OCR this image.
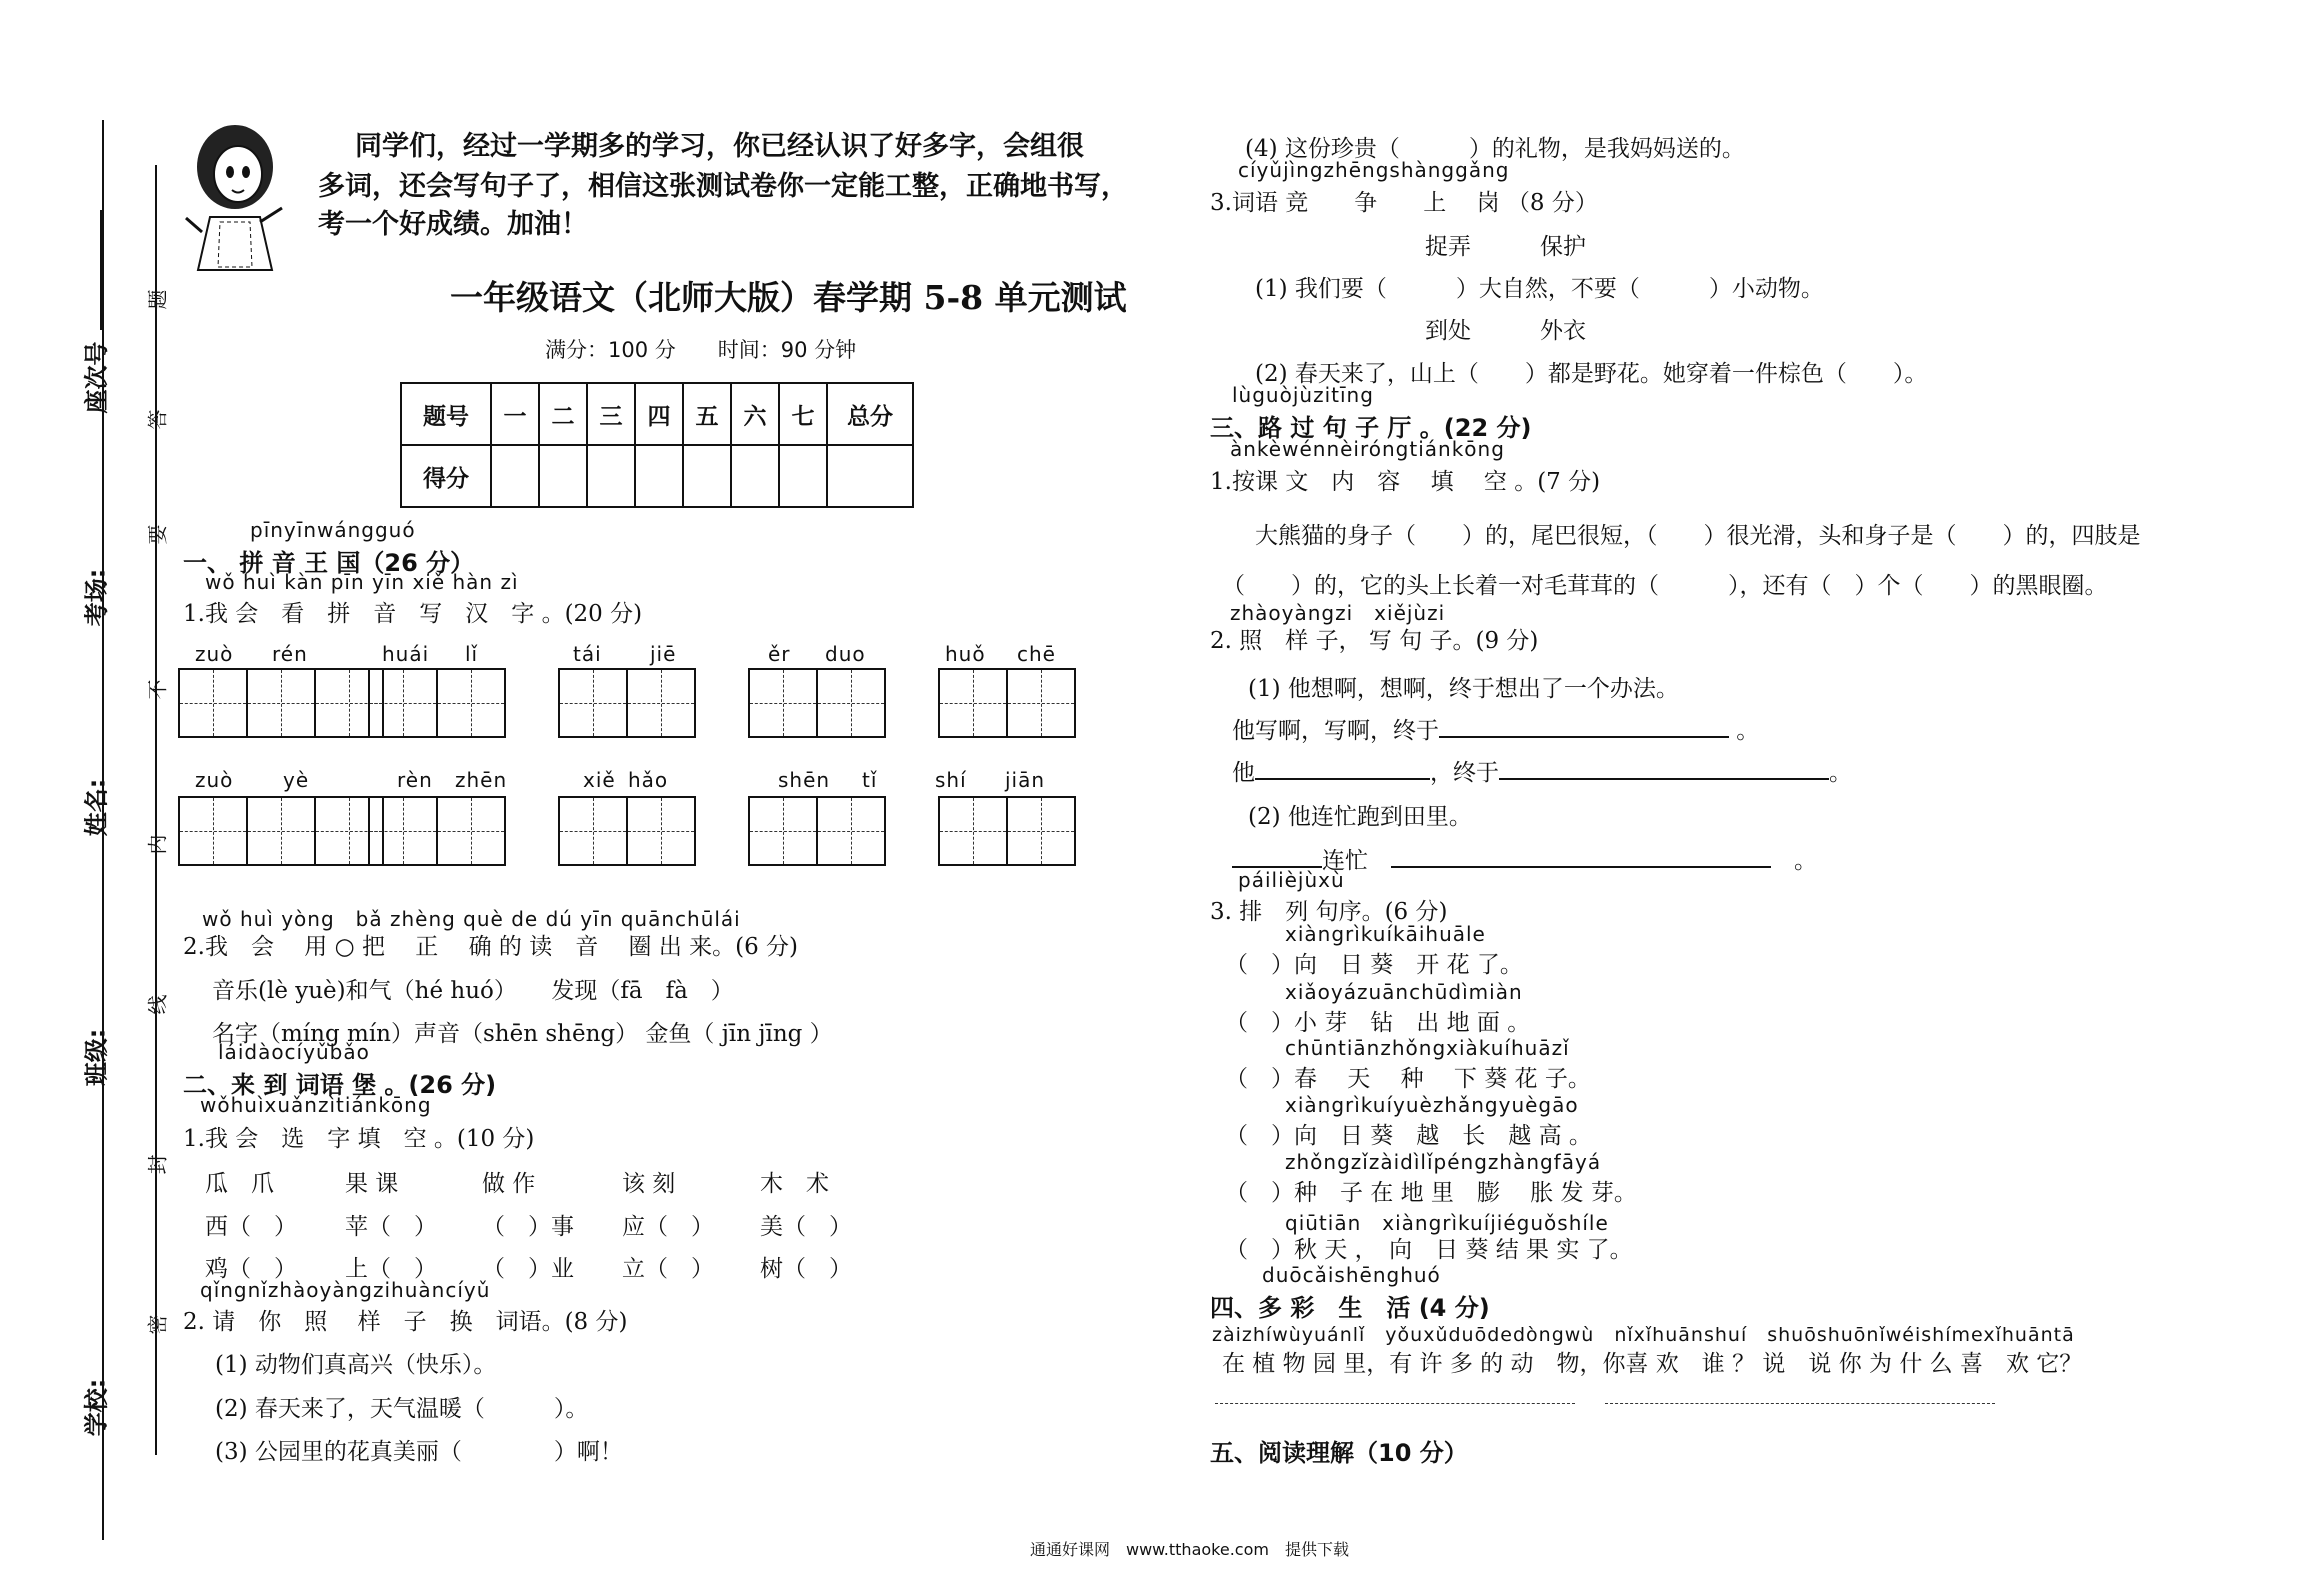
座次号
考场:
姓名:
班级:
学校:
题
答
要
不
内
线
封
密
同学们，经过一学期多的学习，你已经认识了好多字，会组很
多词，还会写句子了，相信这张测试卷你一定能工整，正确地书写，
考一个好成绩。加油！
一年级语文（北师大版）春学期 5-8 单元测试
满分：100 分　　时间：90 分钟
题号	一	二	三	四	五	六	七	总分
得分								
pīnyīnwángguó
一、 拼 音 王 国（26 分）
wǒ huì kàn pīn yīn xiě hàn zì
1.我 会　看　拼　音　写　汉　字 。(20 分)
zuò rén	huái lǐ	tái jiē	ěr duo	huǒ chē
zuò yè	rèn zhēn	xiě hǎo	shēn tǐ	shí jiān
wǒ huì yòng　bǎ zhèng què de dú yīn quānchūlái
2.我　会　 用 ○ 把　 正　 确 的 读　音　 圈 出 来。(6 分)
音乐(lè yuè)和气（hé huó）　　发现（fā　fà　）
名字（míng mín）声音（shēn shēng） 金鱼（ jīn jīng ）
láidàocíyǔbǎo
二、来 到 词语 堡 。(26 分)
wǒhuìxuǎnzìtiánkōng
1.我 会　选　字 填　空 。(10 分)
瓜　爪	果 课	做 作	该 刻	木　术
西（　） 苹（　） （　）事 应（　） 美（　）
鸡（　） 上（　） （　）业 立（　） 树（　）
qǐngnǐzhàoyàngzihuàncíyǔ
2. 请　你　照　 样　子　换　词语。(8 分)
(1) 动物们真高兴（快乐）。
(2) 春天来了，天气温暖（　　　）。
(3) 公园里的花真美丽（　　　　）啊！
(4) 这份珍贵（　　　）的礼物，是我妈妈送的。
cíyǔjìngzhēngshànggǎng
3.词语 竞　　争　　上　 岗 （8 分）
捉弄　　　保护
(1) 我们要（　　　）大自然，不要（　　　）小动物。
到处　　　外衣
(2) 春天来了，山上（　　）都是野花。她穿着一件棕色（　　）。
lùguòjùzitīng
三、路 过 句 子 厅 。(22 分)
ànkèwénnèiróngtiánkōng
1.按课 文　内　容　 填　 空 。(7 分)
大熊猫的身子（　　）的，尾巴很短，（　　）很光滑，头和身子是（　　）的，四肢是
（　　）的，它的头上长着一对毛茸茸的（　　　），还有（　）个（　　）的黑眼圈。
zhàoyàngzi　xiějùzi
2. 照　样 子， 写 句 子。(9 分)
(1) 他想啊，想啊，终于想出了一个办法。
他写啊，写啊，终于	。
他	，终于	。
(2) 他连忙跑到田里。
连忙　	　。
páilièjùxù
3. 排　列 句序。(6 分)
xiàngrìkuíkāihuāle
（　）向　日 葵　开 花 了。
xiǎoyázuānchūdìmiàn
（　）小 芽　钻　出 地 面 。
chūntiānzhǒngxiàkuíhuāzǐ
（　）春　 天 　种　 下 葵 花 子。
xiàngrìkuíyuèzhǎngyuègāo
（　）向　日 葵　越　长　越 高 。
zhǒngzǐzàidìlǐpéngzhàngfāyá
（　）种　子 在 地 里　膨　 胀 发 芽。
qiūtiān　xiàngrìkuíjiéguǒshíle
（　）秋 天 ，　向　日 葵 结 果 实 了。
duōcǎishēnghuó
四、多 彩　生　活 (4 分)
zàizhíwùyuánlǐ　yǒuxǔduōdedòngwù　nǐxǐhuānshuí　shuōshuōnǐwéishímexǐhuāntā
在 植 物 园 里，有 许 多 的 动　物，你喜 欢　谁 ？ 说　说 你 为 什 么 喜　欢 它？
五、阅读理解（10 分）
通通好课网　www.tthaoke.com　提供下载
